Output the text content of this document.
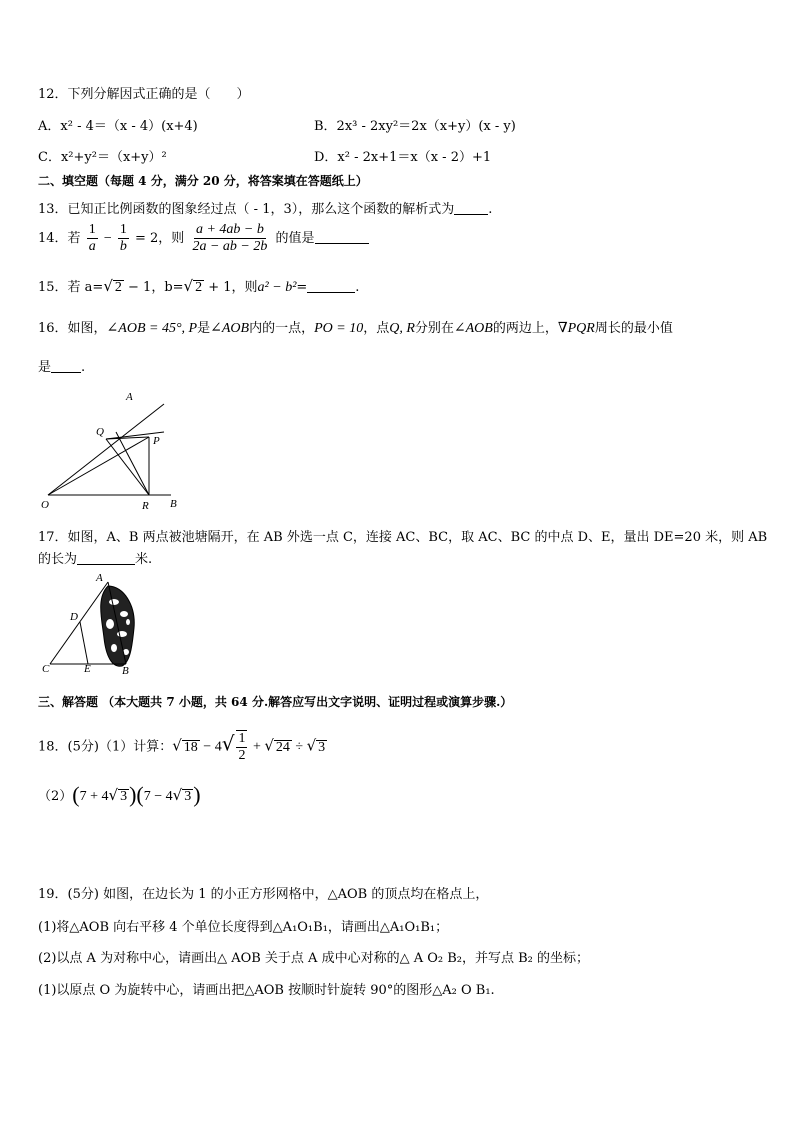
12．下列分解因式正确的是（　　）
A．x² - 4＝（x - 4）(x+4)	B．2x³ - 2xy²＝2x（x+y）(x - y)
C．x²+y²＝（x+y）²	D．x² - 2x+1＝x（x - 2）+1
二、填空题（每题 4 分，满分 20 分，将答案填在答题纸上）
13．已知正比例函数的图象经过点（ - 1，3），那么这个函数的解析式为	.
14．若 $\frac{1}{a} - \frac{1}{b} = 2$，则 $\frac{a + 4ab - b}{2a - ab - 2b}$ 的值是
15．若 a=√ 2 − 1，b=√ 2 + 1，则a² − b²=	.
16．如图，∠AOB = 45°, P是∠AOB内的一点，PO = 10，点Q, R分别在∠AOB的两边上，∇PQR周长的最小值
是 .
A
Q
P
O	R B
17．如图，A、B 两点被池塘隔开，在 AB 外选一点 C，连接 AC、BC，取 AC、BC 的中点 D、E，量出 DE=20 米，则 AB
的长为	米.
A
D
C	E	B
三、解答题 （本大题共 7 小题，共 64 分.解答应写出文字说明、证明过程或演算步骤.）
18．(5分)（1）计算：√ $18 - 4√ \frac{1}{2}$ + √ 24 ÷ √ 3
（2）(7 + 4√ 3)(7 − 4√ 3)
19．(5分) 如图，在边长为 1 的小正方形网格中，△AOB 的顶点均在格点上，
(1)将△AOB 向右平移 4 个单位长度得到△A₁O₁B₁，请画出△A₁O₁B₁；
(2)以点 A 为对称中心，请画出△ AOB 关于点 A 成中心对称的△ A O₂ B₂，并写点 B₂ 的坐标；
(1)以原点 O 为旋转中心，请画出把△AOB 按顺时针旋转 90°的图形△A₂ O B₁.
